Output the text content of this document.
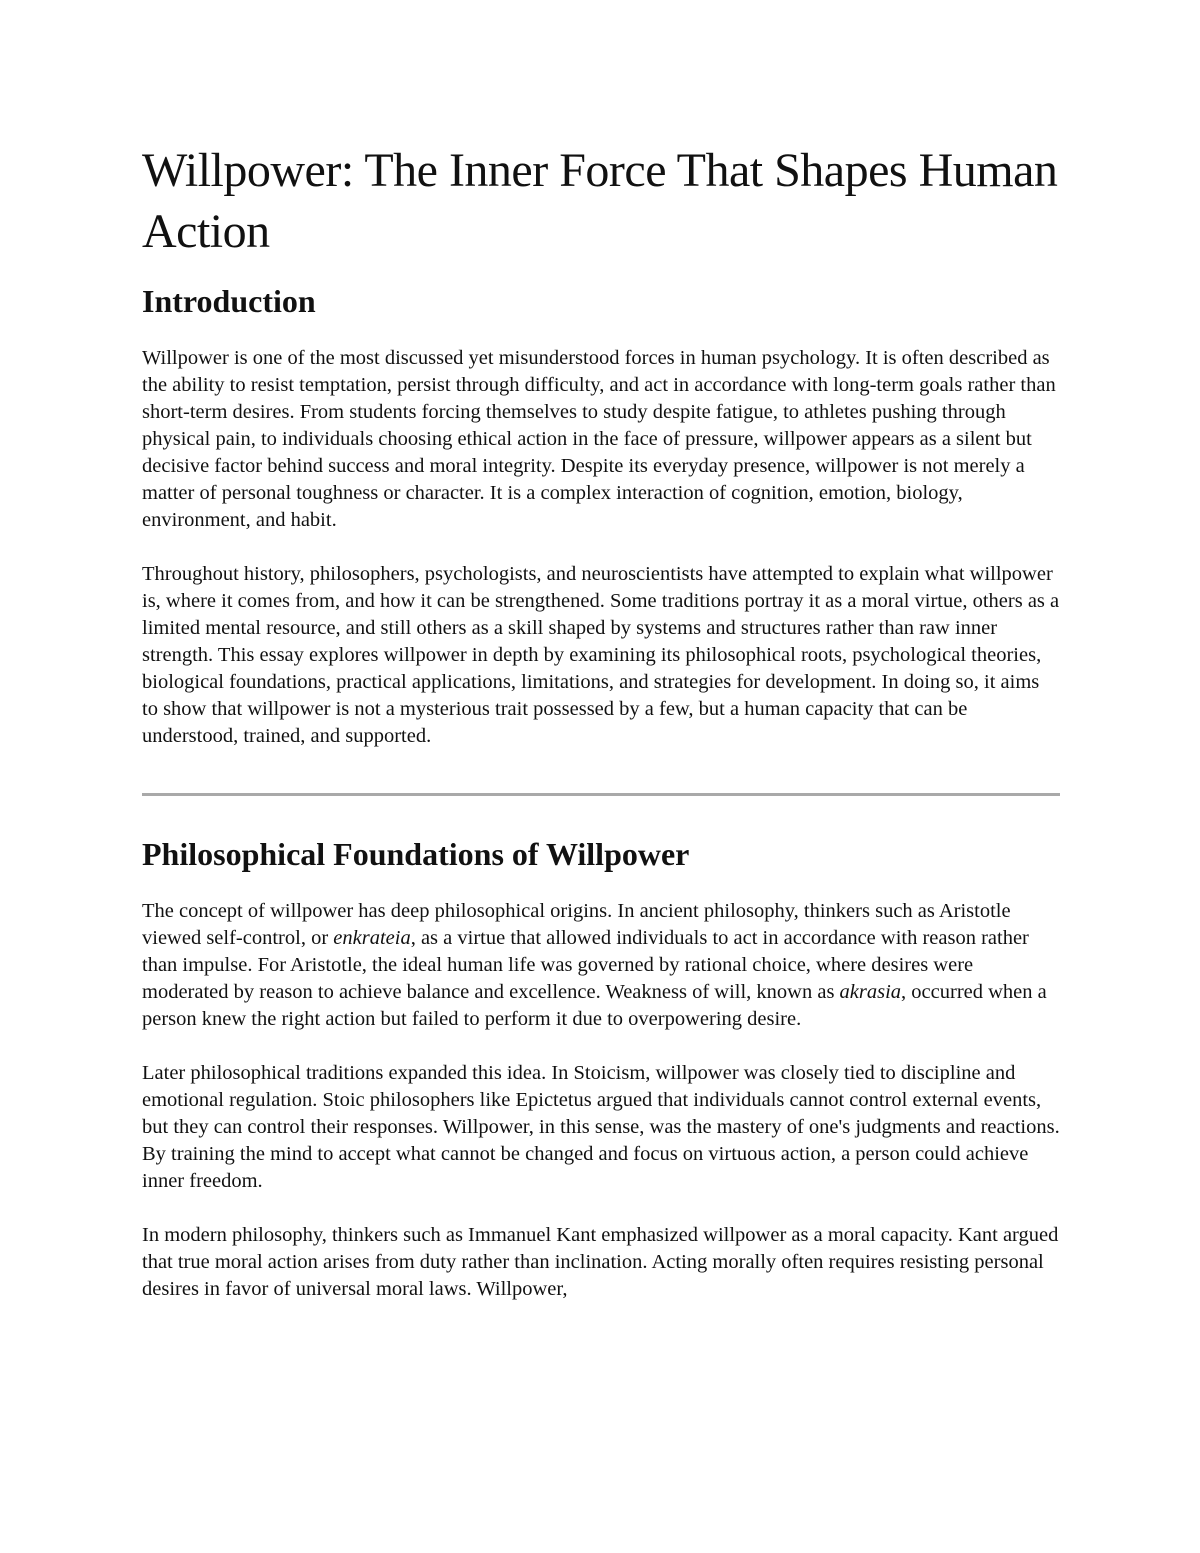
Willpower: The Inner Force That Shapes Human Action
Introduction

Willpower is one of the most discussed yet misunderstood forces in human psychology. It is often described as the ability to resist temptation, persist through difficulty, and act in accordance with long-term goals rather than short-term desires. From students forcing themselves to study despite fatigue, to athletes pushing through physical pain, to individuals choosing ethical action in the face of pressure, willpower appears as a silent but decisive factor behind success and moral integrity. Despite its everyday presence, willpower is not merely a matter of personal toughness or character. It is a complex interaction of cognition, emotion, biology, environment, and habit.

Throughout history, philosophers, psychologists, and neuroscientists have attempted to explain what willpower is, where it comes from, and how it can be strengthened. Some traditions portray it as a moral virtue, others as a limited mental resource, and still others as a skill shaped by systems and structures rather than raw inner strength. This essay explores willpower in depth by examining its philosophical roots, psychological theories, biological foundations, practical applications, limitations, and strategies for development. In doing so, it aims to show that willpower is not a mysterious trait possessed by a few, but a human capacity that can be understood, trained, and supported.

Philosophical Foundations of Willpower

The concept of willpower has deep philosophical origins. In ancient philosophy, thinkers such as Aristotle viewed self-control, or enkrateia, as a virtue that allowed individuals to act in accordance with reason rather than impulse. For Aristotle, the ideal human life was governed by rational choice, where desires were moderated by reason to achieve balance and excellence. Weakness of will, known as akrasia, occurred when a person knew the right action but failed to perform it due to overpowering desire.

Later philosophical traditions expanded this idea. In Stoicism, willpower was closely tied to discipline and emotional regulation. Stoic philosophers like Epictetus argued that individuals cannot control external events, but they can control their responses. Willpower, in this sense, was the mastery of one's judgments and reactions. By training the mind to accept what cannot be changed and focus on virtuous action, a person could achieve inner freedom.

In modern philosophy, thinkers such as Immanuel Kant emphasized willpower as a moral capacity. Kant argued that true moral action arises from duty rather than inclination. Acting morally often requires resisting personal desires in favor of universal moral laws. Willpower,
